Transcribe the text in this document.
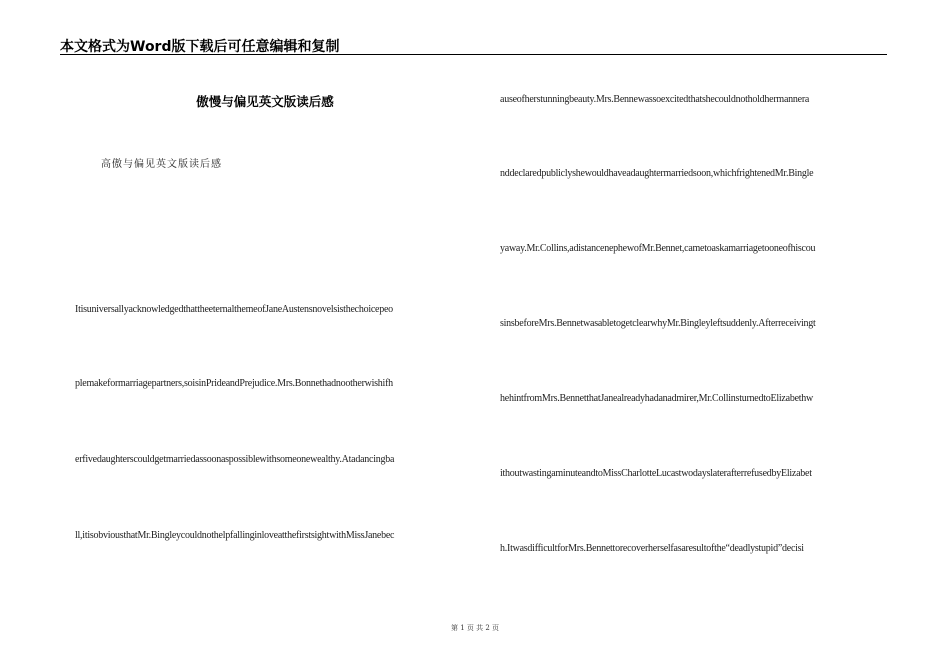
本文格式为Word版下载后可任意编辑和复制
傲慢与偏见英文版读后感
高傲与偏见英文版读后感
ItisuniversallyacknowledgedthattheeternalthemeofJaneAustensnovelsisthechoicepeo
plemakeformarriagepartners,soisinPrideandPrejudice.Mrs.Bonnethadnootherwishifh
erfivedaughterscouldgetmarriedassoonaspossiblewithsomeonewealthy.Atadancingba
ll,itisobviousthatMr.BingleycouldnothelpfallinginloveatthefirstsightwithMissJanebec
auseofherstunningbeauty.Mrs.Bennewassoexcitedthatshecouldnotholdhermannera
nddeclaredpubliclyshewouldhaveadaughtermarriedsoon,whichfrightenedMr.Bingle
yaway.Mr.Collins,adistancenephewofMr.Bennet,cametoaskamarriagetooneofhiscou
sinsbeforeMrs.BennetwasabletogetclearwhyMr.Bingleyleftsuddenly.Afterreceivingt
hehintfromMrs.BennetthatJanealreadyhadanadmirer,Mr.CollinsturnedtoElizabethw
ithoutwastingaminuteandtoMissCharlotteLucastwodayslaterafterrefusedbyElizabet
h.ItwasdifficultforMrs.Bennettorecoverherselfasaresultofthe“deadlystupid”decisi
第 1 页 共 2 页
